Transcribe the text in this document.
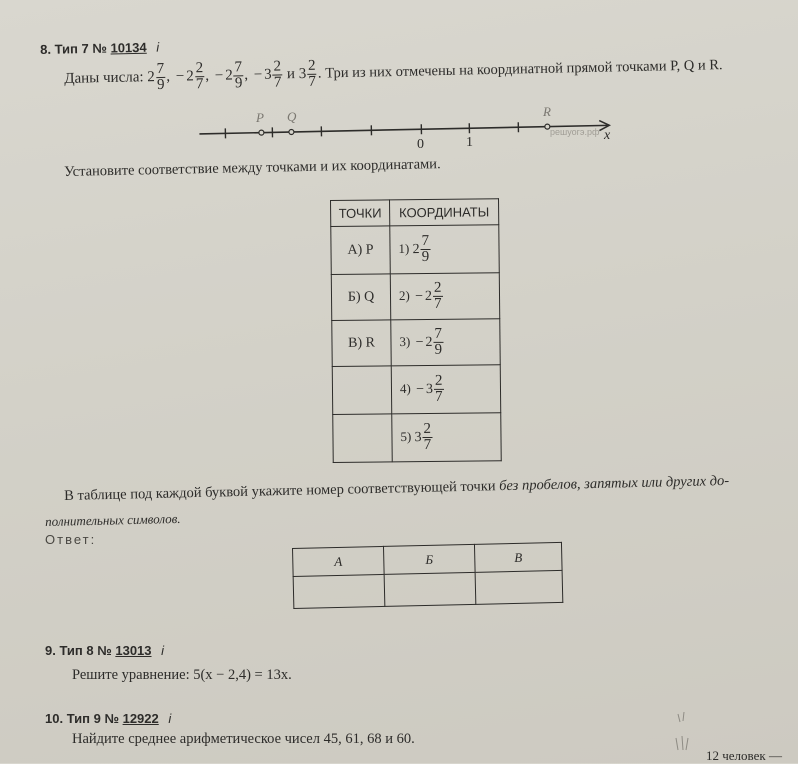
8. Тип 7 № 10134 i
Даны числа: $2 \frac{7}{9}$ , − $2 \frac{2}{7}$ , − $2 \frac{7}{9}$ , − $3 \frac{2}{7}$ и $3 \frac{2}{7}$ . Три из них отмечены на координатной прямой точками P, Q и R.
P Q	R
0	1	x
решуогэ.рф
Установите соответствие между точками и их координатами.
ТОЧКИ	КООРДИНАТЫ
А) P	1) $2 \frac{7}{9}$

Б) Q	$2) - 2 \frac{2}{7}$

В) R	$3) - 2 \frac{7}{9}$

	$4) - 3 \frac{2}{7}$

	5) $3 \frac{2}{7}$
В таблице под каждой буквой укажите номер соответствующей точки без пробелов, запятых или других до-
полнительных символов.
Ответ:
А	Б	В

9. Тип 8 № 13013 i
Решите уравнение: 5(x − 2,4) = 13x.
10. Тип 9 № 12922 i
Найдите среднее арифметическое чисел 45, 61, 68 и 60.
12 человек —
